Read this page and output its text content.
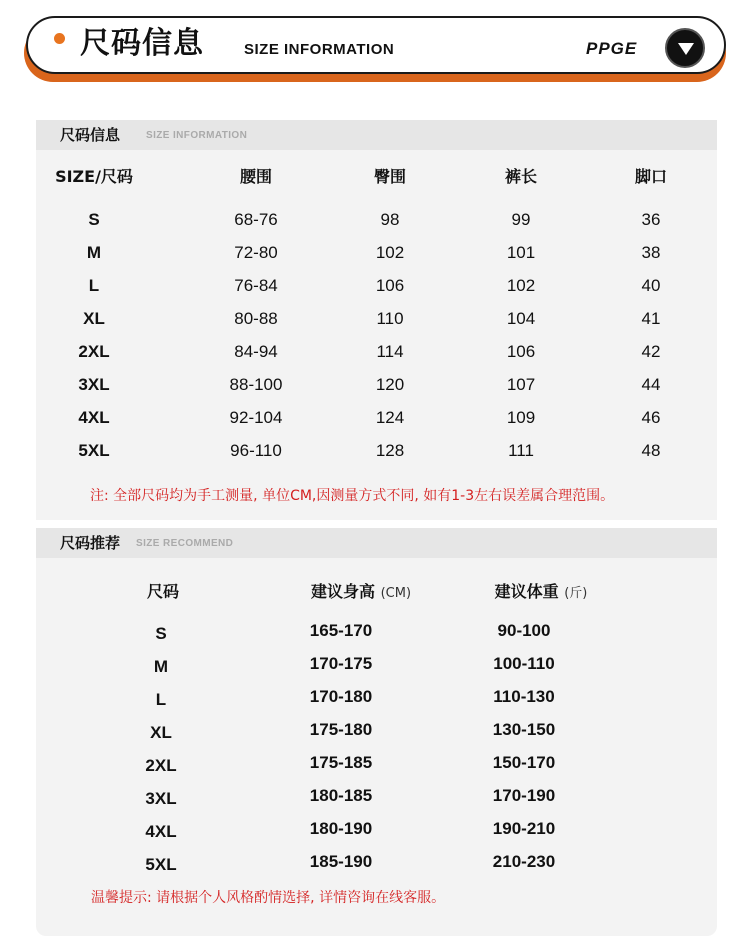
尺码信息	SIZE INFORMATION	PPGE
尺码信息	SIZE INFORMATION
SIZE/尺码	腰围	臀围	裤长	脚口
S	68-76	98	99	36
M	72-80	102	101	38
L	76-84	106	102	40
XL	80-88	110	104	41
2XL	84-94	114	106	42
3XL	88-100	120	107	44
4XL	92-104	124	109	46
5XL	96-110	128	111	48
注: 全部尺码均为手工测量, 单位CM,因测量方式不同, 如有1-3左右误差属合理范围。
尺码推荐 SIZE RECOMMEND
尺码	建议身高 (CM)	建议体重 (斤)
S	165-170	90-100
M	170-175	100-110
L	170-180	110-130
XL	175-180	130-150
2XL	175-185	150-170
3XL	180-185	170-190
4XL	180-190	190-210
5XL	185-190	210-230
温馨提示: 请根据个人风格酌情选择, 详情咨询在线客服。
